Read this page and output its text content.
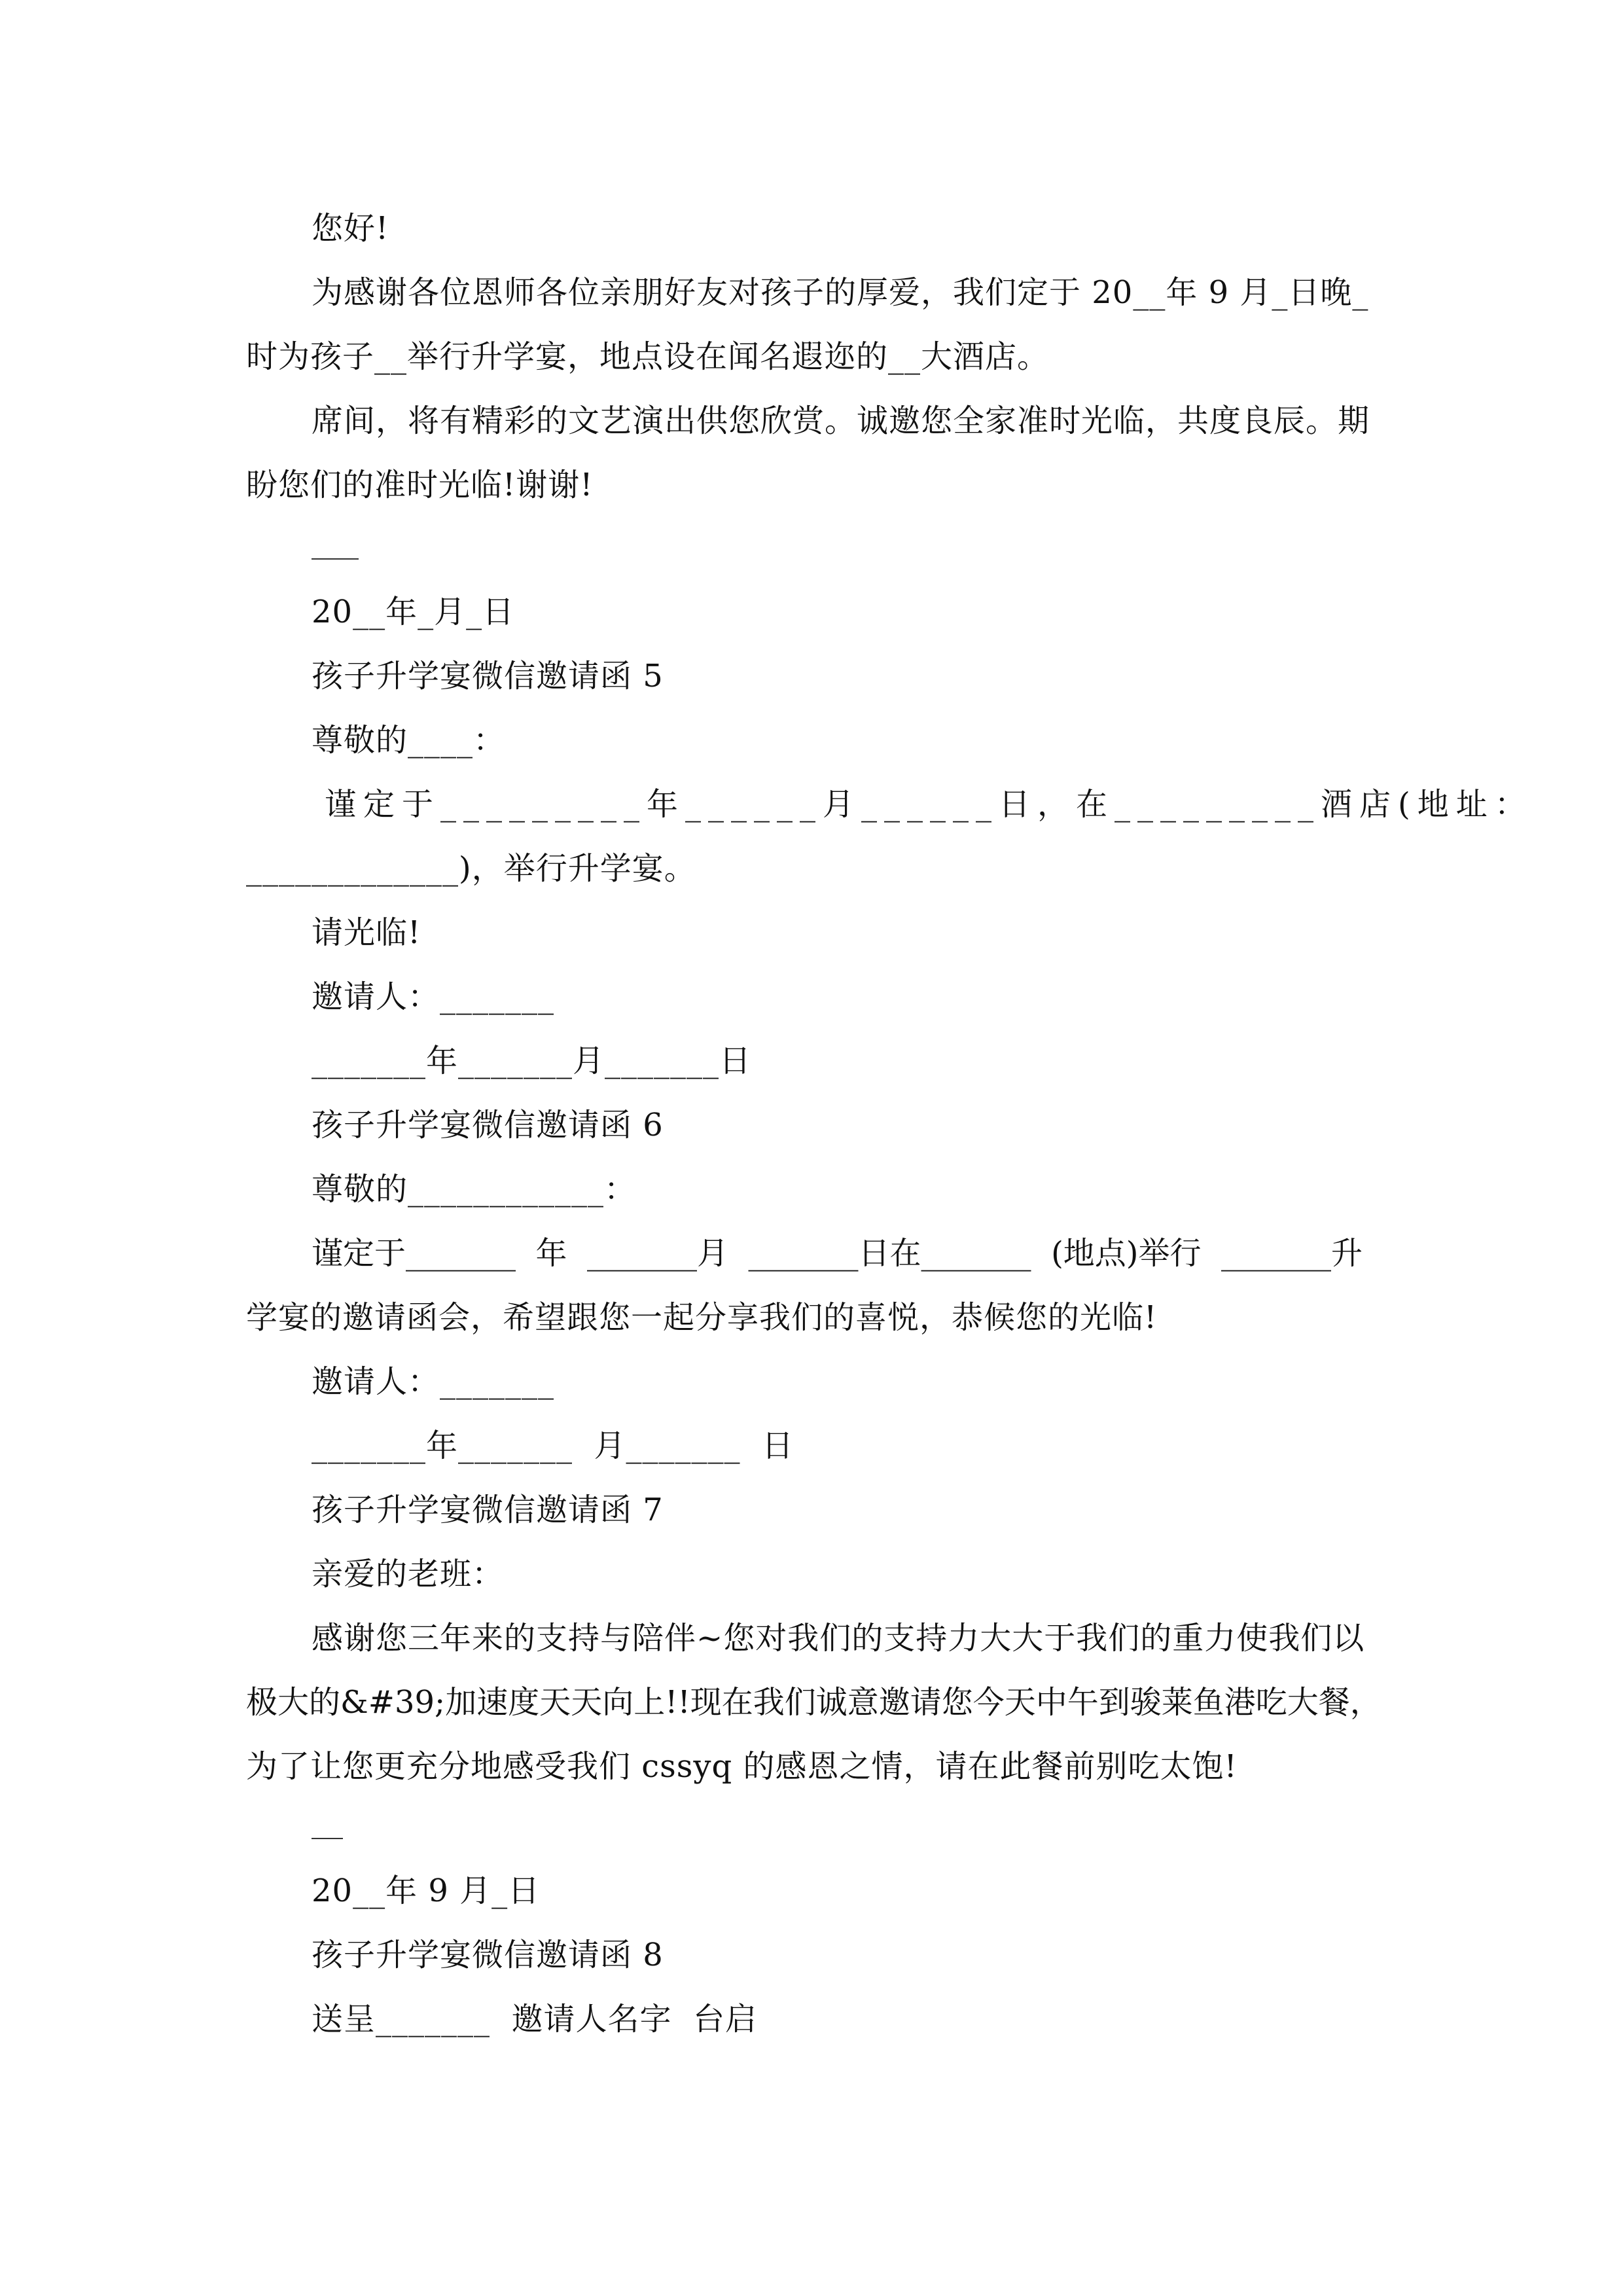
您好!
为感谢各位恩师各位亲朋好友对孩子的厚爱，我们定于 20__年 9 月_日晚_
时为孩子__举行升学宴，地点设在闻名遐迩的__大酒店。
席间，将有精彩的文艺演出供您欣赏。诚邀您全家准时光临，共度良辰。期
盼您们的准时光临!谢谢!
20__年_月_日
孩子升学宴微信邀请函 5
尊敬的____：
谨定于_________年______月______日，在_________酒店(地址：
_____________)，举行升学宴。
请光临!
邀请人：_______
_______年_______月_______日
孩子升学宴微信邀请函 6
尊敬的____________：
谨定于_______  年  _______月  _______日在_______  (地点)举行  _______升
学宴的邀请函会，希望跟您一起分享我们的喜悦，恭候您的光临!
邀请人：_______
_______年_______  月_______  日
孩子升学宴微信邀请函 7
亲爱的老班：
感谢您三年来的支持与陪伴~您对我们的支持力大大于我们的重力使我们以
极大的&#39;加速度天天向上!!现在我们诚意邀请您今天中午到骏莱鱼港吃大餐，
为了让您更充分地感受我们 cssyq 的感恩之情，请在此餐前别吃太饱!
20__年 9 月_日
孩子升学宴微信邀请函 8
送呈_______  邀请人名字  台启
